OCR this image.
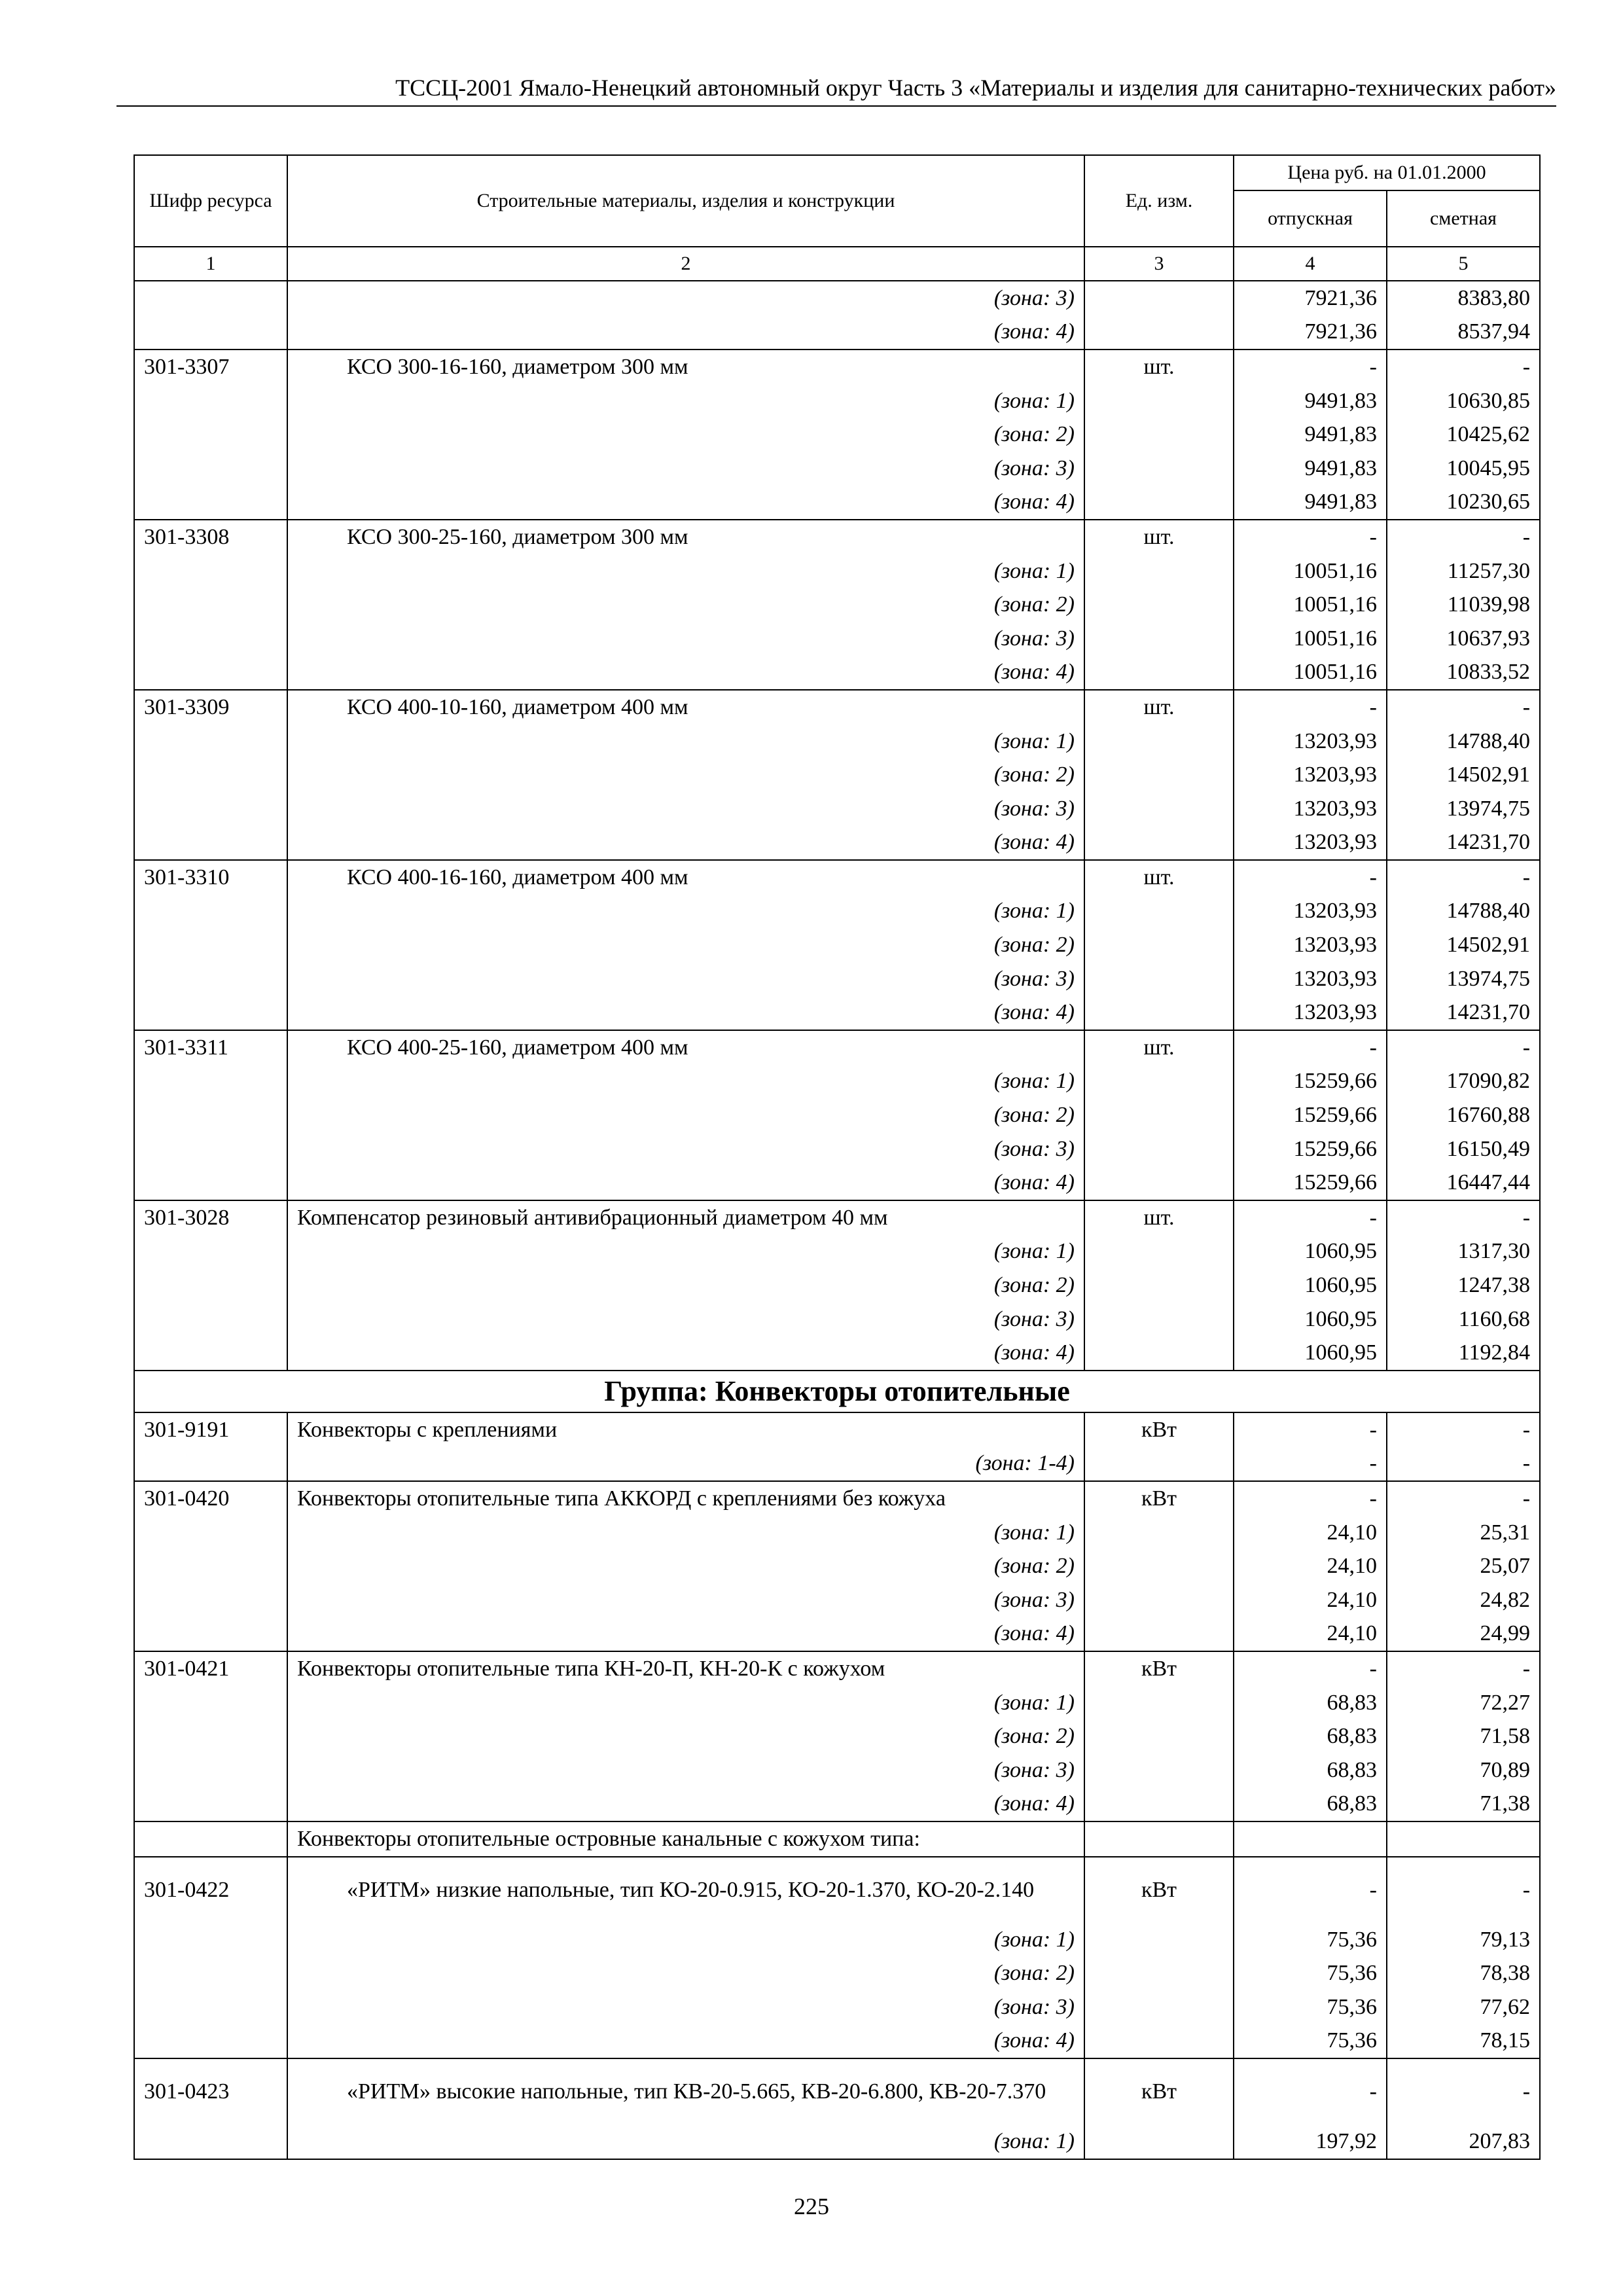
ТССЦ-2001 Ямало-Ненецкий автономный округ Часть 3 «Материалы и изделия для санитарно-технических работ»
Шифр ресурса	Строительные материалы, изделия и конструкции	Ед. изм.	Цена руб. на 01.01.2000	
			отпускная	сметная
1	2	3	4	5
	(зона: 3)		7921,36	8383,80
	(зона: 4)		7921,36	8537,94
301-3307	КСО 300-16-160, диаметром 300 мм	шт.	-	-
	(зона: 1)		9491,83	10630,85
	(зона: 2)		9491,83	10425,62
	(зона: 3)		9491,83	10045,95
	(зона: 4)		9491,83	10230,65
301-3308	КСО 300-25-160, диаметром 300 мм	шт.	-	-
	(зона: 1)		10051,16	11257,30
	(зона: 2)		10051,16	11039,98
	(зона: 3)		10051,16	10637,93
	(зона: 4)		10051,16	10833,52
301-3309	КСО 400-10-160, диаметром 400 мм	шт.	-	-
	(зона: 1)		13203,93	14788,40
	(зона: 2)		13203,93	14502,91
	(зона: 3)		13203,93	13974,75
	(зона: 4)		13203,93	14231,70
301-3310	КСО 400-16-160, диаметром 400 мм	шт.	-	-
	(зона: 1)		13203,93	14788,40
	(зона: 2)		13203,93	14502,91
	(зона: 3)		13203,93	13974,75
	(зона: 4)		13203,93	14231,70
301-3311	КСО 400-25-160, диаметром 400 мм	шт.	-	-
	(зона: 1)		15259,66	17090,82
	(зона: 2)		15259,66	16760,88
	(зона: 3)		15259,66	16150,49
	(зона: 4)		15259,66	16447,44
301-3028	Компенсатор резиновый антивибрационный диаметром 40 мм	шт.	-	-
	(зона: 1)		1060,95	1317,30
	(зона: 2)		1060,95	1247,38
	(зона: 3)		1060,95	1160,68
	(зона: 4)		1060,95	1192,84
Группа: Конвекторы отопительные				
301-9191	Конвекторы с креплениями	кВт	-	-
	(зона: 1-4)		-	-
301-0420	Конвекторы отопительные типа АККОРД с креплениями без кожуха	кВт	-	-
	(зона: 1)		24,10	25,31
	(зона: 2)		24,10	25,07
	(зона: 3)		24,10	24,82
	(зона: 4)		24,10	24,99
301-0421	Конвекторы отопительные типа КН-20-П, КН-20-К с кожухом	кВт	-	-
	(зона: 1)		68,83	72,27
	(зона: 2)		68,83	71,58
	(зона: 3)		68,83	70,89
	(зона: 4)		68,83	71,38
	Конвекторы отопительные островные канальные с кожухом типа:			
301-0422	«РИТМ» низкие напольные, тип КО-20-0.915, КО-20-1.370, КО-20-2.140	кВт	-	-
	(зона: 1)		75,36	79,13
	(зона: 2)		75,36	78,38
	(зона: 3)		75,36	77,62
	(зона: 4)		75,36	78,15
301-0423	«РИТМ» высокие напольные, тип КВ-20-5.665, КВ-20-6.800, КВ-20-7.370	кВт	-	-
	(зона: 1)		197,92	207,83
225
